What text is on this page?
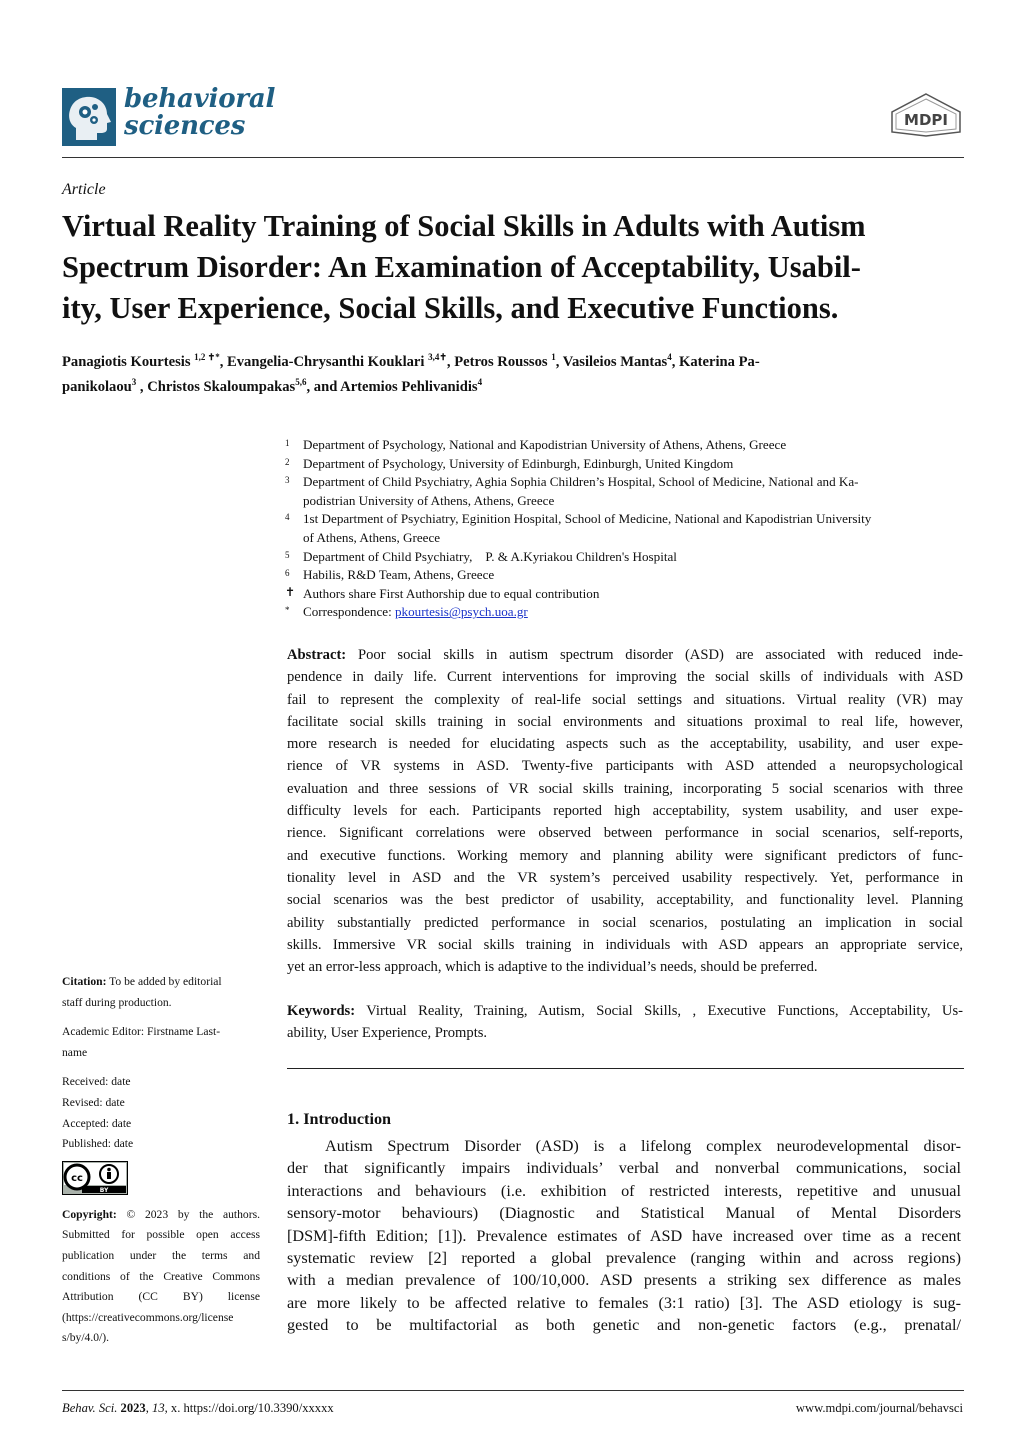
behavioral
sciences	MDPI
Article
Virtual Reality Training of Social Skills in Adults with Autism
Spectrum Disorder: An Examination of Acceptability, Usabil-
ity, User Experience, Social Skills, and Executive Functions.
Panagiotis Kourtesis $^{1,2 ✝*}$, Evangelia-Chrysanthi Kouklari $^{3,4✝}$, Petros Roussos $^1$, Vasileios Mantas$^4$, Katerina Pa-
panikolaou$^3$ , Christos Skaloumpakas$^{5,6}$, and Artemios Pehlivanidis$^4$
1 Department of Psychology, National and Kapodistrian University of Athens, Athens, Greece
2 Department of Psychology, University of Edinburgh, Edinburgh, United Kingdom
3 Department of Child Psychiatry, Aghia Sophia Children’s Hospital, School of Medicine, National and Ka-
podistrian University of Athens, Athens, Greece
4 1st Department of Psychiatry, Eginition Hospital, School of Medicine, National and Kapodistrian University
of Athens, Athens, Greece
5 Department of Child Psychiatry,    P. & A.Kyriakou Children's Hospital
6 Habilis, R&D Team, Athens, Greece
✝ Authors share First Authorship due to equal contribution
* Correspondence: pkourtesis@psych.uoa.gr
Abstract: Poor social skills in autism spectrum disorder (ASD) are associated with reduced inde-
pendence in daily life. Current interventions for improving the social skills of individuals with ASD
fail to represent the complexity of real-life social settings and situations. Virtual reality (VR) may
facilitate social skills training in social environments and situations proximal to real life, however,
more research is needed for elucidating aspects such as the acceptability, usability, and user expe-
rience of VR systems in ASD. Twenty-five participants with ASD attended a neuropsychological
evaluation and three sessions of VR social skills training, incorporating 5 social scenarios with three
difficulty levels for each. Participants reported high acceptability, system usability, and user expe-
rience. Significant correlations were observed between performance in social scenarios, self-reports,
and executive functions. Working memory and planning ability were significant predictors of func-
tionality level in ASD and the VR system’s perceived usability respectively. Yet, performance in
social scenarios was the best predictor of usability, acceptability, and functionality level. Planning
ability substantially predicted performance in social scenarios, postulating an implication in social
skills. Immersive VR social skills training in individuals with ASD appears an appropriate service,
yet an error-less approach, which is adaptive to the individual’s needs, should be preferred.
Keywords: Virtual Reality, Training, Autism, Social Skills, , Executive Functions, Acceptability, Us-
ability, User Experience, Prompts.
1. Introduction
Autism Spectrum Disorder (ASD) is a lifelong complex neurodevelopmental disor-
der that significantly impairs individuals’ verbal and nonverbal communications, social
interactions and behaviours (i.e. exhibition of restricted interests, repetitive and unusual
sensory-motor behaviours) (Diagnostic and Statistical Manual of Mental Disorders
[DSM]-fifth Edition; [1]). Prevalence estimates of ASD have increased over time as a recent
systematic review [2] reported a global prevalence (ranging within and across regions)
with a median prevalence of 100/10,000. ASD presents a striking sex difference as males
are more likely to be affected relative to females (3:1 ratio) [3]. The ASD etiology is sug-
gested to be multifactorial as both genetic and non-genetic factors (e.g., prenatal/
Citation: To be added by editorial
staff during production.
Academic Editor: Firstname Last-
name
Received: date
Revised: date
Accepted: date
Published: date
cc
BY
Copyright: © 2023 by the authors.
Submitted for possible open access
publication under the terms and
conditions of the Creative Commons
Attribution (CC BY) license
(https://creativecommons.org/license
s/by/4.0/).
Behav. Sci. 2023, 13, x. https://doi.org/10.3390/xxxxx	www.mdpi.com/journal/behavsci
